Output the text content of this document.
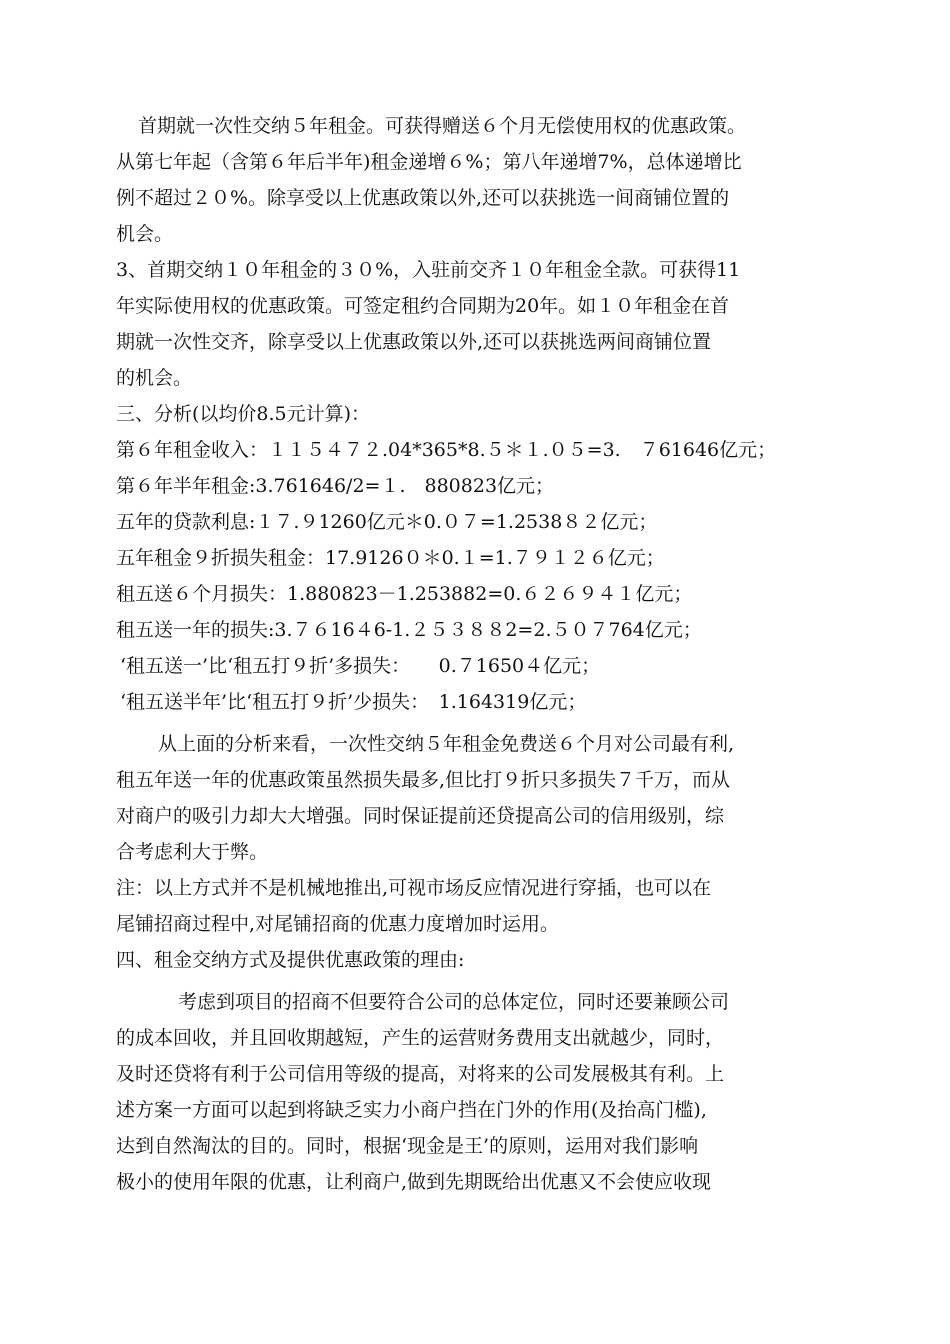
首期就一次性交纳５年租金。可获得赠送６个月无偿使用权的优惠政策。
从第七年起（含第６年后半年)租金递增６%；第八年递增7%，总体递增比
例不超过２０%。除享受以上优惠政策以外,还可以获挑选一间商铺位置的
机会。
3、首期交纳１０年租金的３０%，入驻前交齐１０年租金全款。可获得11
年实际使用权的优惠政策。可签定租约合同期为20年。如１０年租金在首
期就一次性交齐，除享受以上优惠政策以外,还可以获挑选两间商铺位置
的机会。
三、分析(以均价8.5元计算)：
第６年租金收入：１１５４７２.04*365*8.５＊１.０５=3.　７61646亿元；
第６年半年租金:3.761646/2=１.　880823亿元；
五年的贷款利息:１７.９1260亿元＊0.０７=1.2538８２亿元；
五年租金９折损失租金：17.9126０＊0.１=1.７９１２６亿元；
租五送６个月损失：1.880823－1.253882=0.６２６９４１亿元；
租五送一年的损失:3.７６16４6-1.２５３８８2=2.５０７764亿元；
‘租五送一’比‘租五打９折’多损失：　　0.７1650４亿元；
‘租五送半年’比‘租五打９折’少损失：　1.164319亿元；
从上面的分析来看，一次性交纳５年租金免费送６个月对公司最有利,
租五年送一年的优惠政策虽然损失最多,但比打９折只多损失７千万，而从
对商户的吸引力却大大增强。同时保证提前还贷提高公司的信用级别，综
合考虑利大于弊。
注：以上方式并不是机械地推出,可视市场反应情况进行穿插，也可以在
尾铺招商过程中,对尾铺招商的优惠力度增加时运用。
四、租金交纳方式及提供优惠政策的理由:
考虑到项目的招商不但要符合公司的总体定位，同时还要兼顾公司
的成本回收，并且回收期越短，产生的运营财务费用支出就越少，同时，
及时还贷将有利于公司信用等级的提高，对将来的公司发展极其有利。上
述方案一方面可以起到将缺乏实力小商户挡在门外的作用(及抬高门槛),
达到自然淘汰的目的。同时，根据‘现金是王’的原则，运用对我们影响
极小的使用年限的优惠，让利商户,做到先期既给出优惠又不会使应收现
